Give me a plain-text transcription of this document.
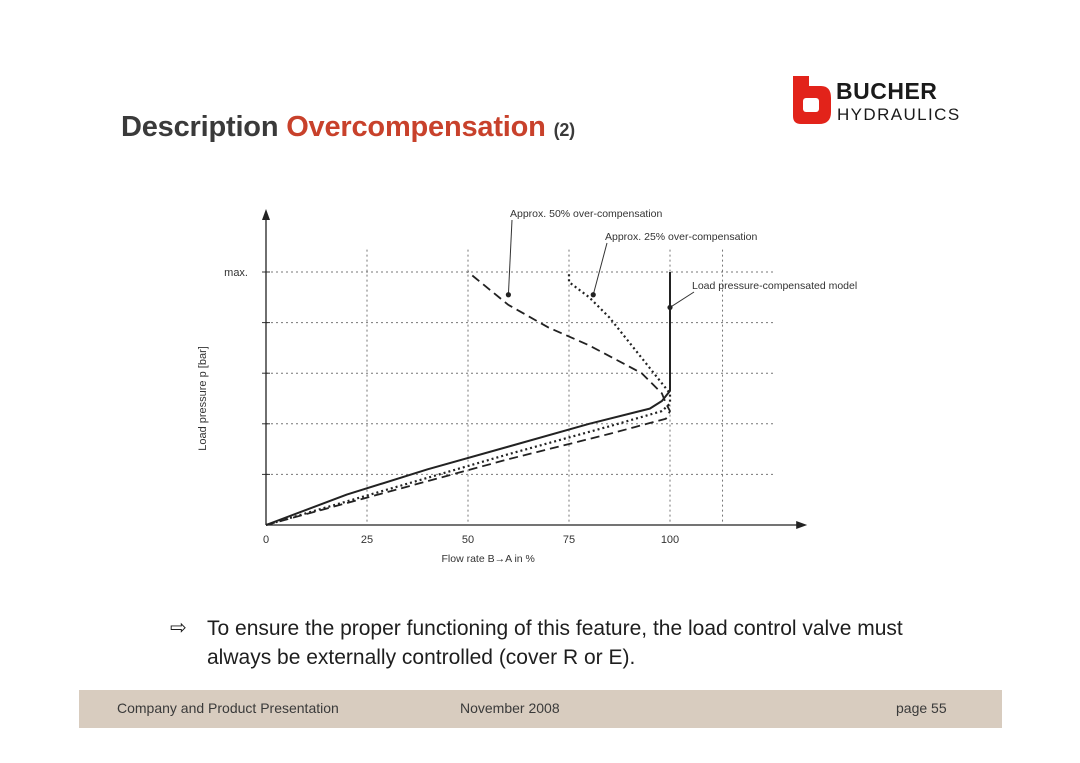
Description Overcompensation (2)
BUCHER
HYDRAULICS
0	25	50	75	100
max.
Flow rate B→A in %
Load pressure p [bar]
Approx. 50% over-compensation
Approx. 25% over-compensation
Load pressure-compensated model
⇨ To ensure the proper functioning of this feature, the load control valve must always be externally controlled (cover R or E).
Company and Product Presentation	November 2008	page 55
